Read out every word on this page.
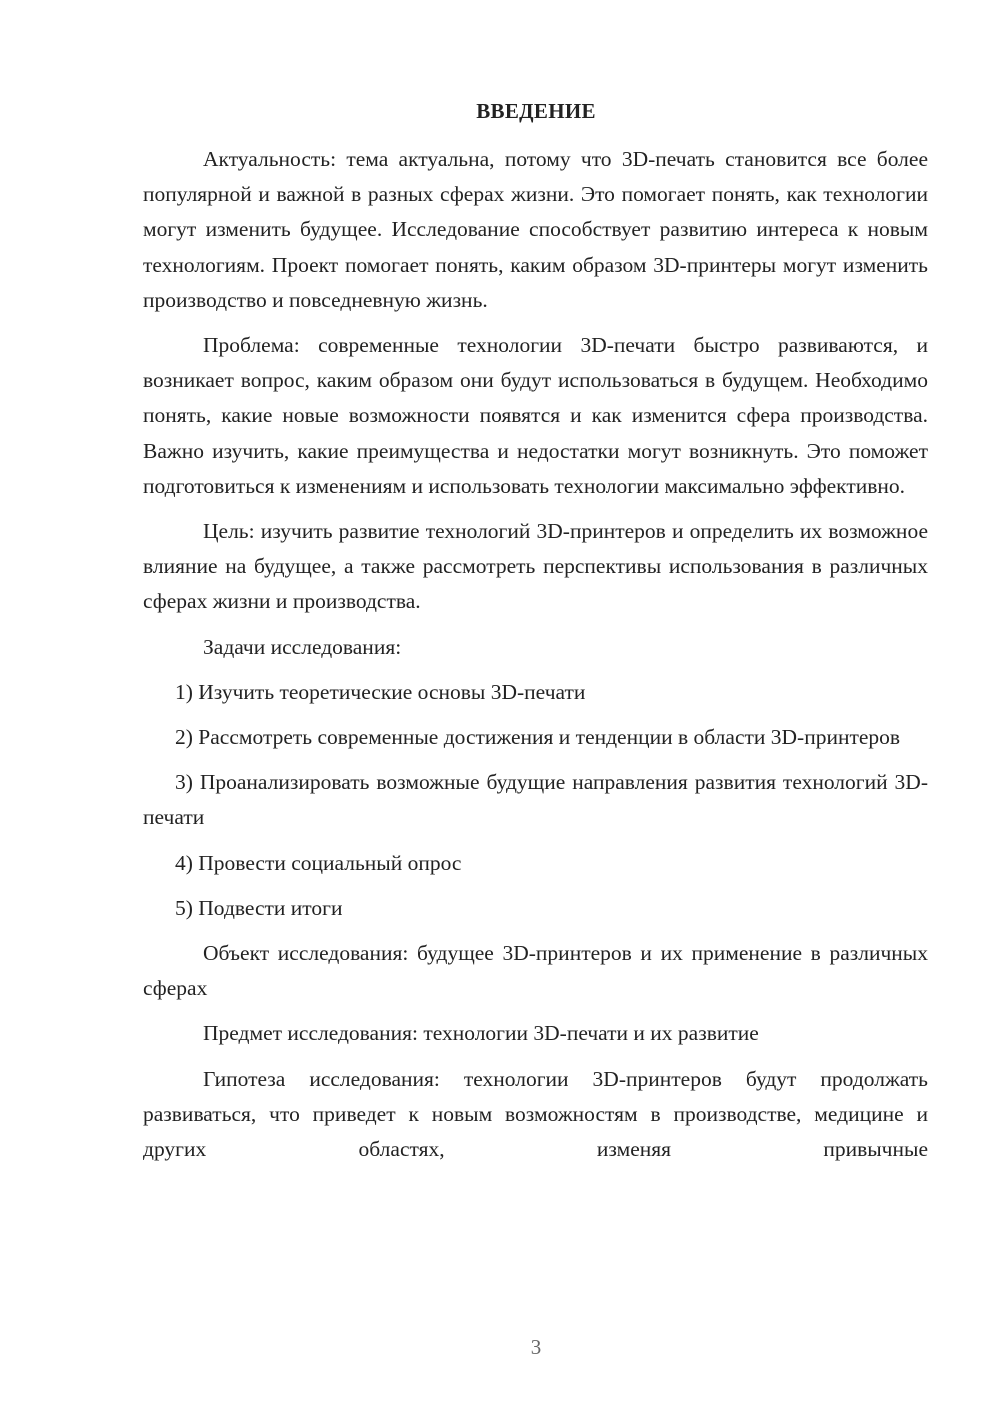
ВВЕДЕНИЕ

Актуальность: тема актуальна, потому что 3D-печать становится все более популярной и важной в разных сферах жизни. Это помогает понять, как технологии могут изменить будущее. Исследование способствует развитию интереса к новым технологиям. Проект помогает понять, каким образом 3D-принтеры могут изменить производство и повседневную жизнь.

Проблема: современные технологии 3D-печати быстро развиваются, и возникает вопрос, каким образом они будут использоваться в будущем. Необходимо понять, какие новые возможности появятся и как изменится сфера производства. Важно изучить, какие преимущества и недостатки могут возникнуть. Это поможет подготовиться к изменениям и использовать технологии максимально эффективно.

Цель: изучить развитие технологий 3D-принтеров и определить их возможное влияние на будущее, а также рассмотреть перспективы использования в различных сферах жизни и производства.

Задачи исследования:

1) Изучить теоретические основы 3D-печати

2) Рассмотреть современные достижения и тенденции в области 3D-принтеров

3) Проанализировать возможные будущие направления развития технологий 3D-печати

4) Провести социальный опрос

5) Подвести итоги

Объект исследования: будущее 3D-принтеров и их применение в различных сферах

Предмет исследования: технологии 3D-печати и их развитие

Гипотеза исследования: технологии 3D-принтеров будут продолжать развиваться, что приведет к новым возможностям в производстве, медицине и других областях, изменяя привычные

3
